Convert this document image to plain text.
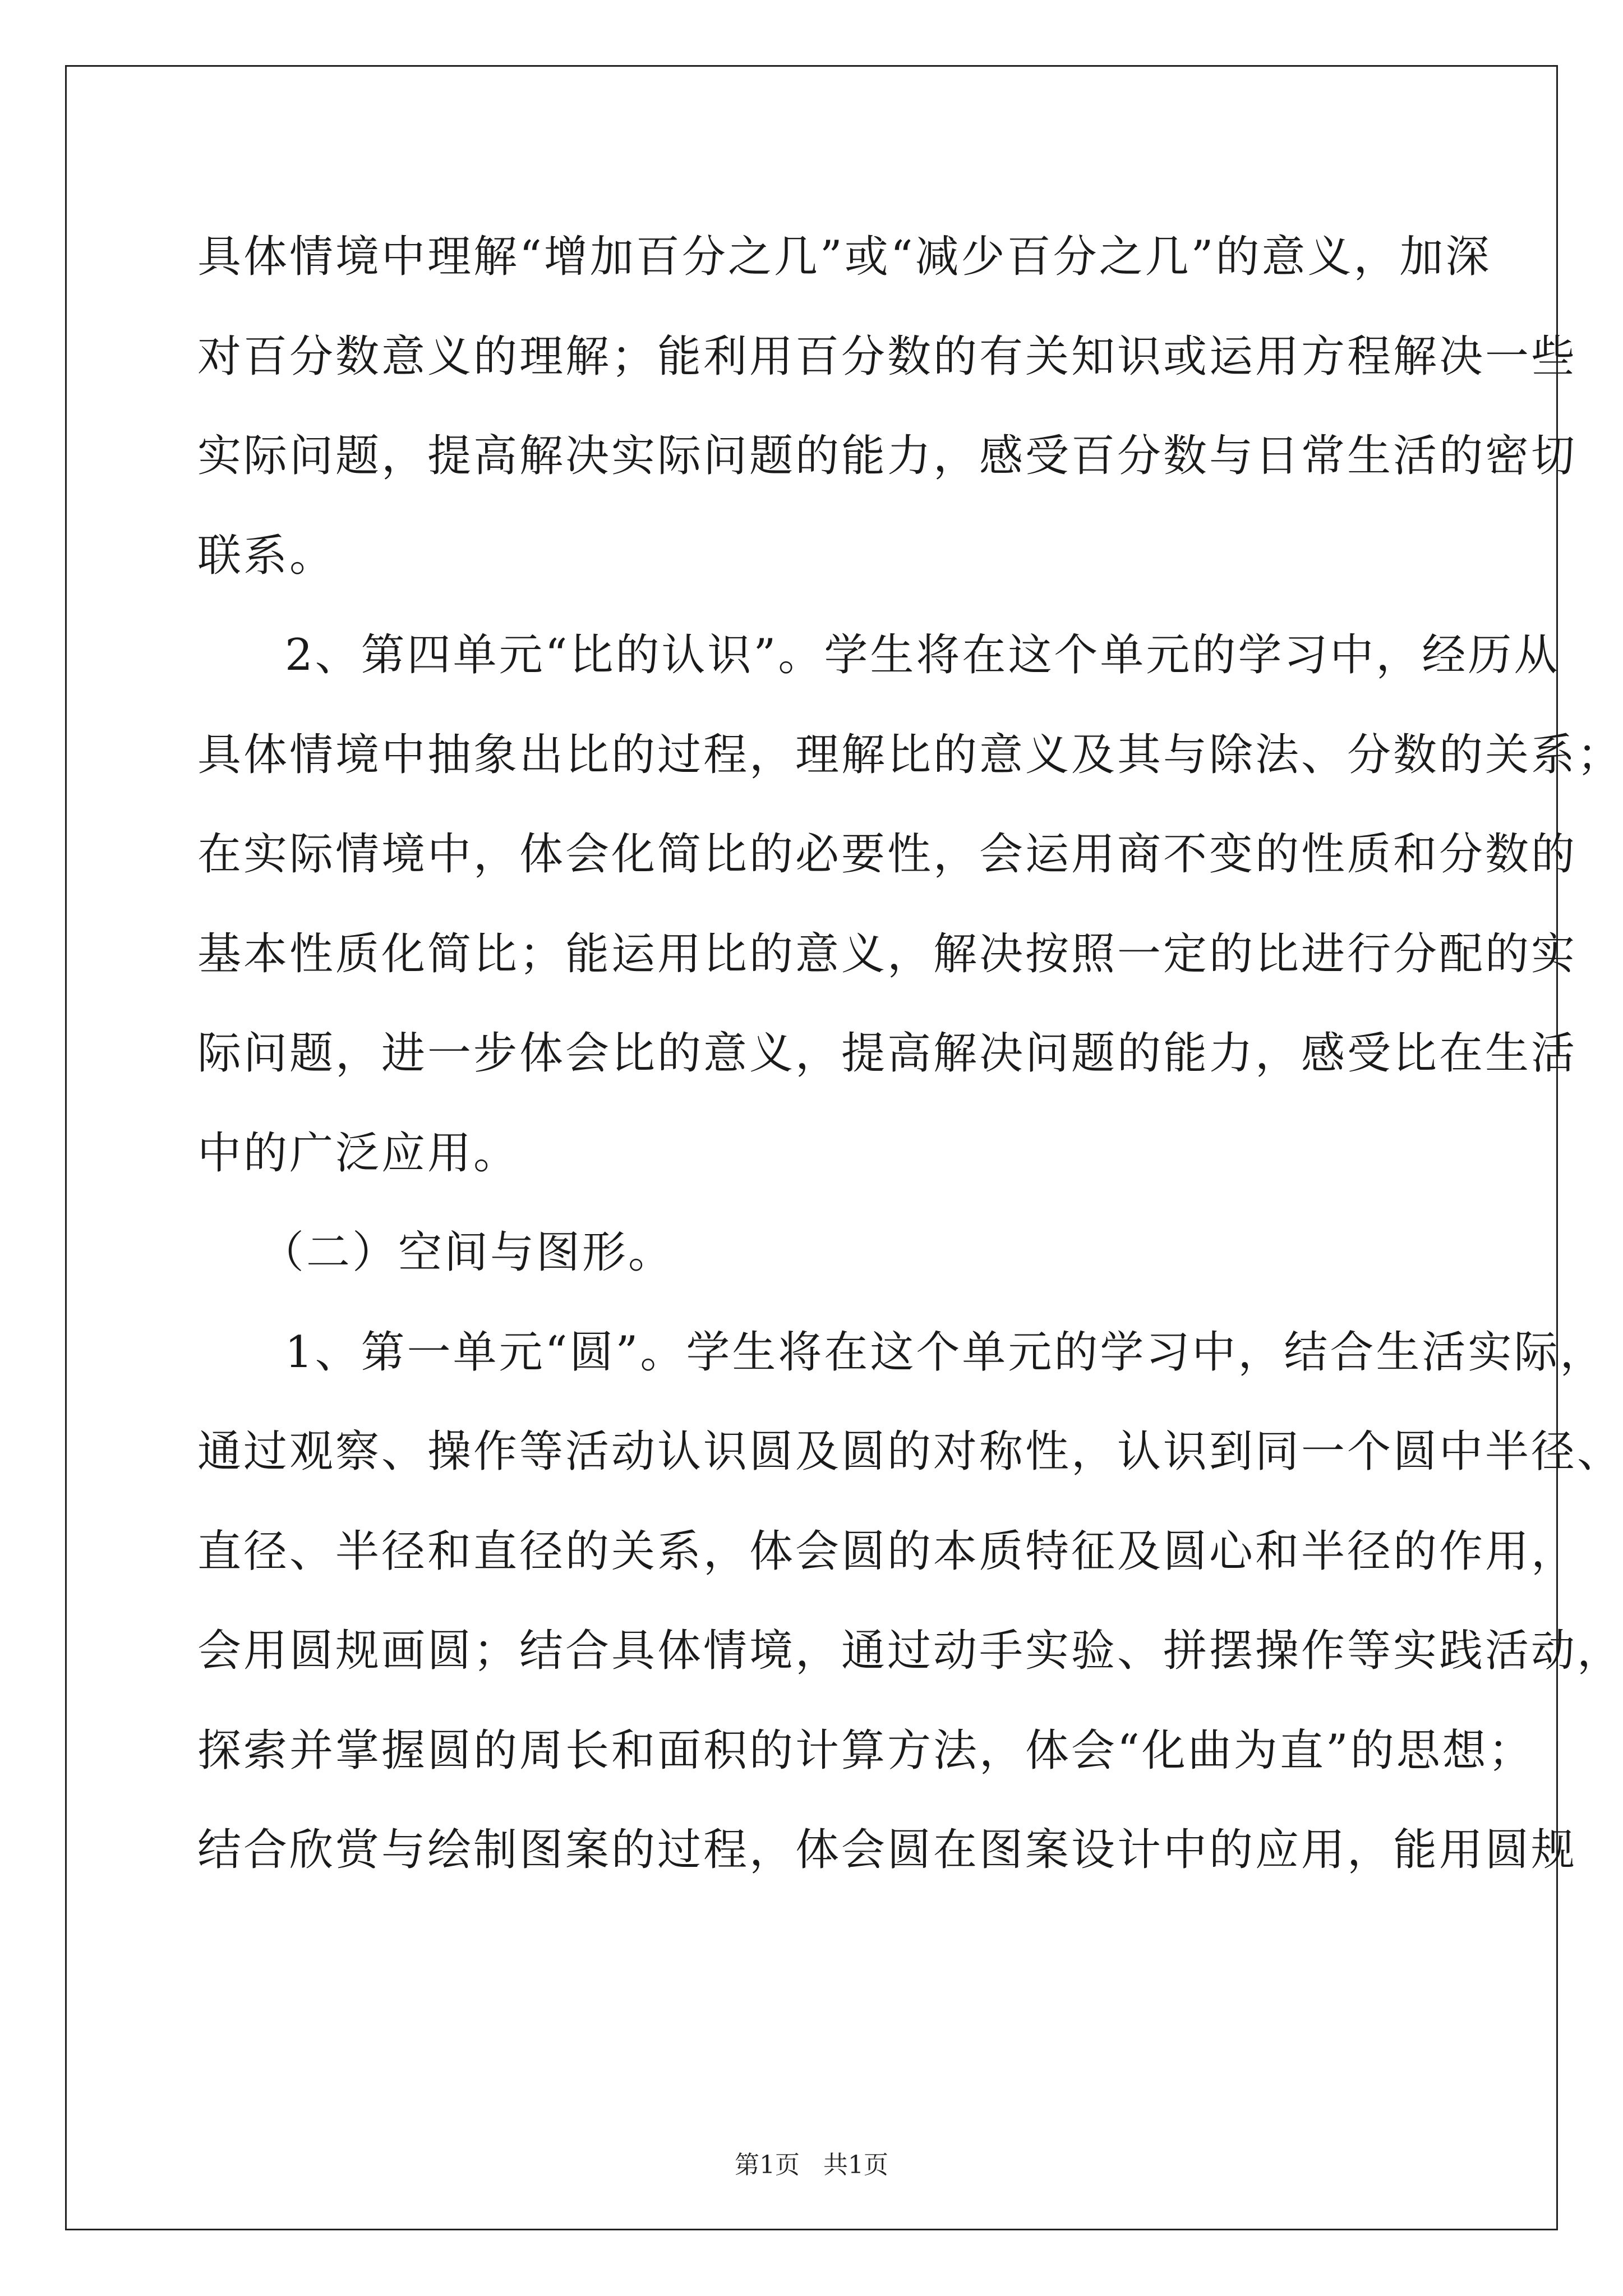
具体情境中理解“增加百分之几”或“减少百分之几”的意义，加深
对百分数意义的理解；能利用百分数的有关知识或运用方程解决一些
实际问题，提高解决实际问题的能力，感受百分数与日常生活的密切
联系。
2、第四单元“比的认识”。学生将在这个单元的学习中，经历从
具体情境中抽象出比的过程，理解比的意义及其与除法、分数的关系；
在实际情境中，体会化简比的必要性，会运用商不变的性质和分数的
基本性质化简比；能运用比的意义，解决按照一定的比进行分配的实
际问题，进一步体会比的意义，提高解决问题的能力，感受比在生活
中的广泛应用。
（二）空间与图形。
1、第一单元“圆”。学生将在这个单元的学习中，结合生活实际，
通过观察、操作等活动认识圆及圆的对称性，认识到同一个圆中半径、
直径、半径和直径的关系，体会圆的本质特征及圆心和半径的作用，
会用圆规画圆；结合具体情境，通过动手实验、拼摆操作等实践活动，
探索并掌握圆的周长和面积的计算方法，体会“化曲为直”的思想；
结合欣赏与绘制图案的过程，体会圆在图案设计中的应用，能用圆规
第1页   共1页
